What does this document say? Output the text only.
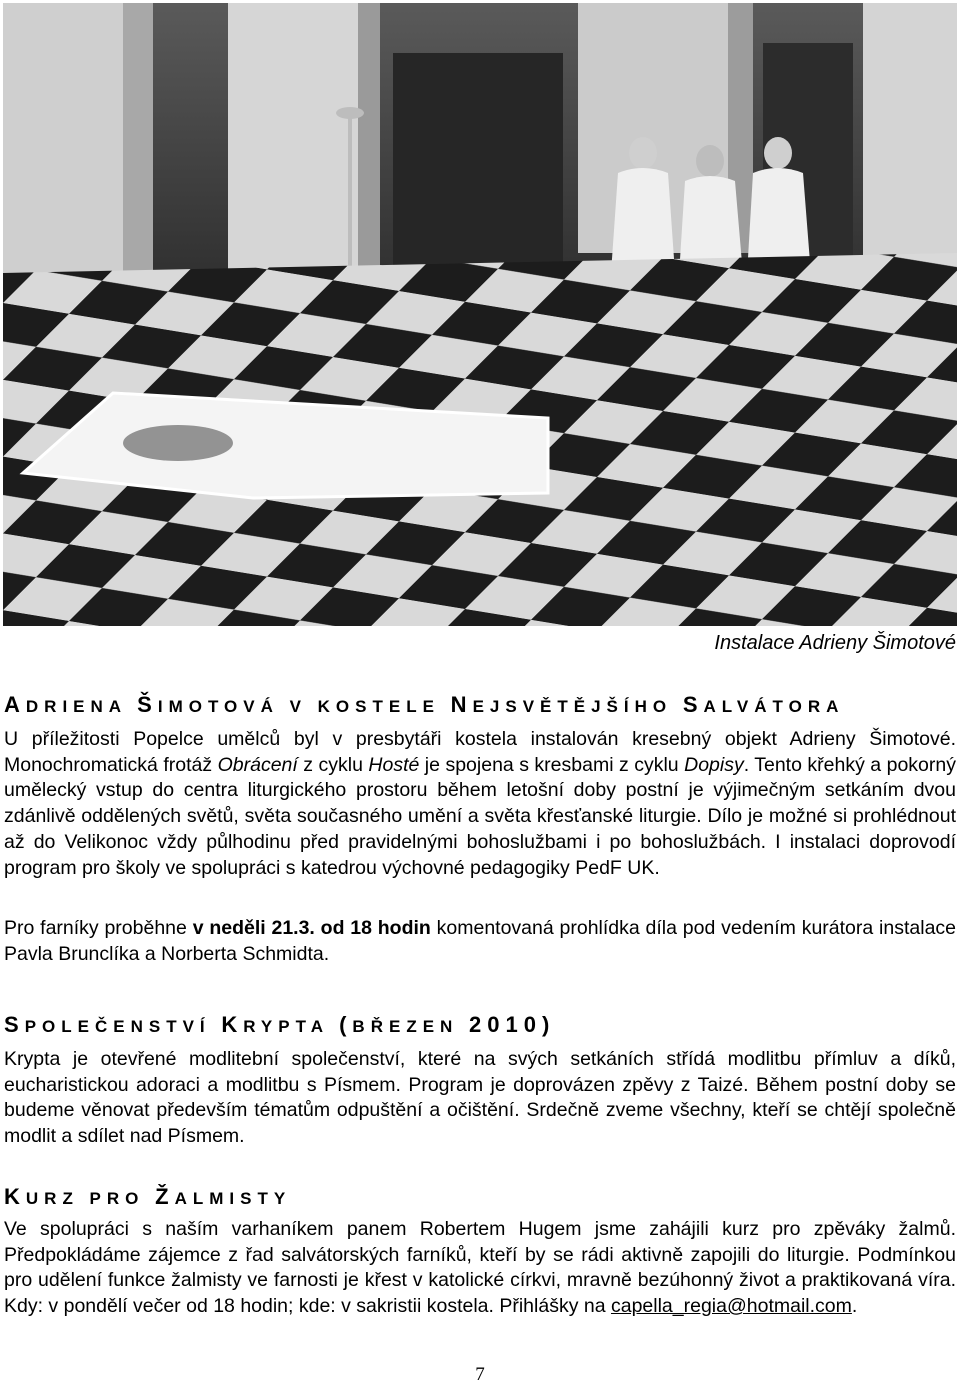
Instalace Adrieny Šimotové
ADRIENA ŠIMOTOVÁ V KOSTELE NEJSVĚTĚJŠÍHO SALVÁTORA
U příležitosti Popelce umělců byl v presbytáři kostela instalován kresebný objekt Adrieny Šimotové. Monochromatická frotáž Obrácení z cyklu Hosté je spojena s kresbami z cyklu Dopisy. Tento křehký a pokorný umělecký vstup do centra liturgického prostoru během letošní doby postní je výjimečným setkáním dvou zdánlivě oddělených světů, světa současného umění a světa křesťanské liturgie. Dílo je možné si prohlédnout až do Velikonoc vždy půlhodinu před pravidelnými bohoslužbami i po bohoslužbách. I instalaci doprovodí program pro školy ve spolupráci s katedrou výchovné pedagogiky PedF UK.
Pro farníky proběhne v neděli 21.3. od 18 hodin komentovaná prohlídka díla pod vedením kurátora instalace Pavla Brunclíka a Norberta Schmidta.
SPOLEČENSTVÍ KRYPTA (BŘEZEN 2010)
Krypta je otevřené modlitební společenství, které na svých setkáních střídá modlitbu přímluv a díků, eucharistickou adoraci a modlitbu s Písmem. Program je doprovázen zpěvy z Taizé. Během postní doby se budeme věnovat především tématům odpuštění a očištění. Srdečně zveme všechny, kteří se chtějí společně modlit a sdílet nad Písmem.
KURZ PRO ŽALMISTY
Ve spolupráci s naším varhaníkem panem Robertem Hugem jsme zahájili kurz pro zpěváky žalmů. Předpokládáme zájemce z řad salvátorských farníků, kteří by se rádi aktivně zapojili do liturgie. Podmínkou pro udělení funkce žalmisty ve farnosti je křest v katolické církvi, mravně bezúhonný život a praktikovaná víra. Kdy: v pondělí večer od 18 hodin; kde: v sakristii kostela. Přihlášky na capella_regia@hotmail.com.
7
